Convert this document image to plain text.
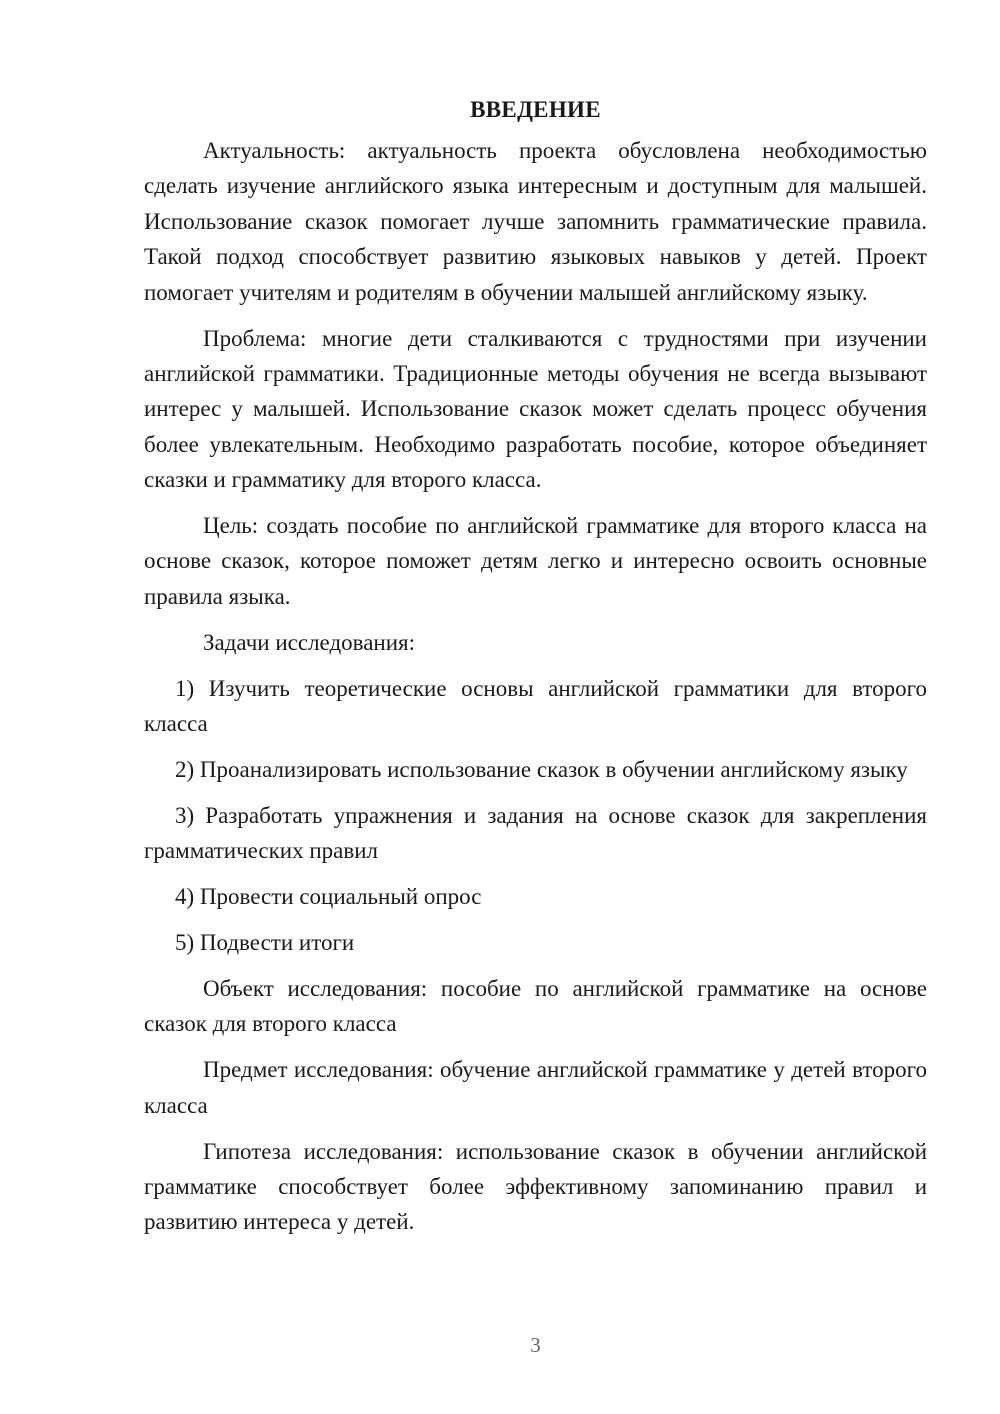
ВВЕДЕНИЕ

Актуальность: актуальность проекта обусловлена необходимостью сделать изучение английского языка интересным и доступным для малышей. Использование сказок помогает лучше запомнить грамматические правила. Такой подход способствует развитию языковых навыков у детей. Проект помогает учителям и родителям в обучении малышей английскому языку.

Проблема: многие дети сталкиваются с трудностями при изучении английской грамматики. Традиционные методы обучения не всегда вызывают интерес у малышей. Использование сказок может сделать процесс обучения более увлекательным. Необходимо разработать пособие, которое объединяет сказки и грамматику для второго класса.

Цель: создать пособие по английской грамматике для второго класса на основе сказок, которое поможет детям легко и интересно освоить основные правила языка.

Задачи исследования:

1) Изучить теоретические основы английской грамматики для второго класса

2) Проанализировать использование сказок в обучении английскому языку

3) Разработать упражнения и задания на основе сказок для закрепления грамматических правил

4) Провести социальный опрос

5) Подвести итоги

Объект исследования: пособие по английской грамматике на основе сказок для второго класса

Предмет исследования: обучение английской грамматике у детей второго класса

Гипотеза исследования: использование сказок в обучении английской грамматике способствует более эффективному запоминанию правил и развитию интереса у детей.

3
